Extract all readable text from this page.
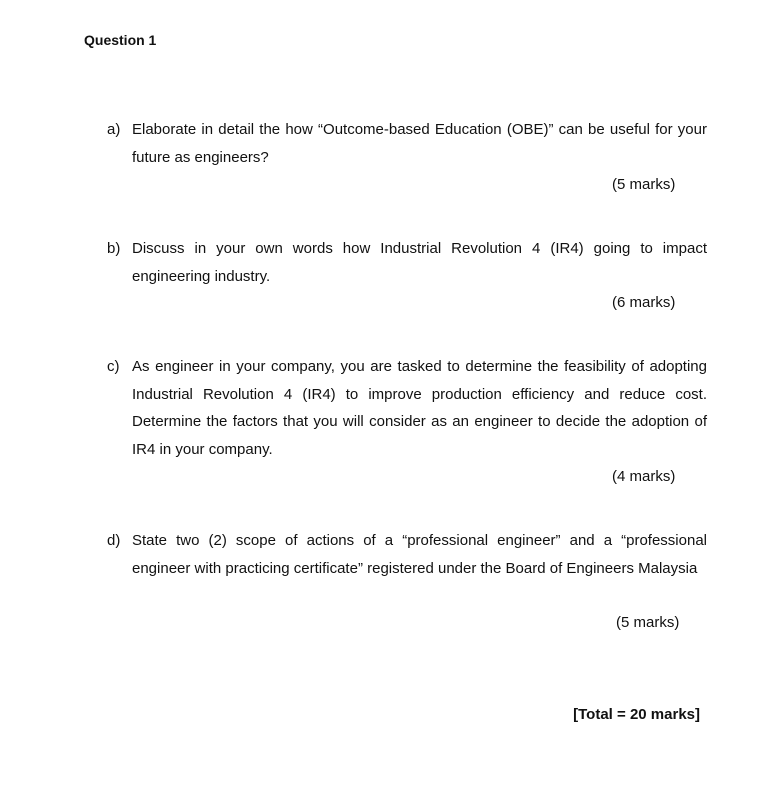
Question 1
a) Elaborate in detail the how “Outcome-based Education (OBE)” can be useful for your future as engineers?
(5 marks)
b) Discuss in your own words how Industrial Revolution 4 (IR4) going to impact engineering industry.
(6 marks)
c) As engineer in your company, you are tasked to determine the feasibility of adopting Industrial Revolution 4 (IR4) to improve production efficiency and reduce cost. Determine the factors that you will consider as an engineer to decide the adoption of IR4 in your company.
(4 marks)
d) State two (2) scope of actions of a “professional engineer” and a “professional engineer with practicing certificate” registered under the Board of Engineers Malaysia
(5 marks)
[Total = 20 marks]
